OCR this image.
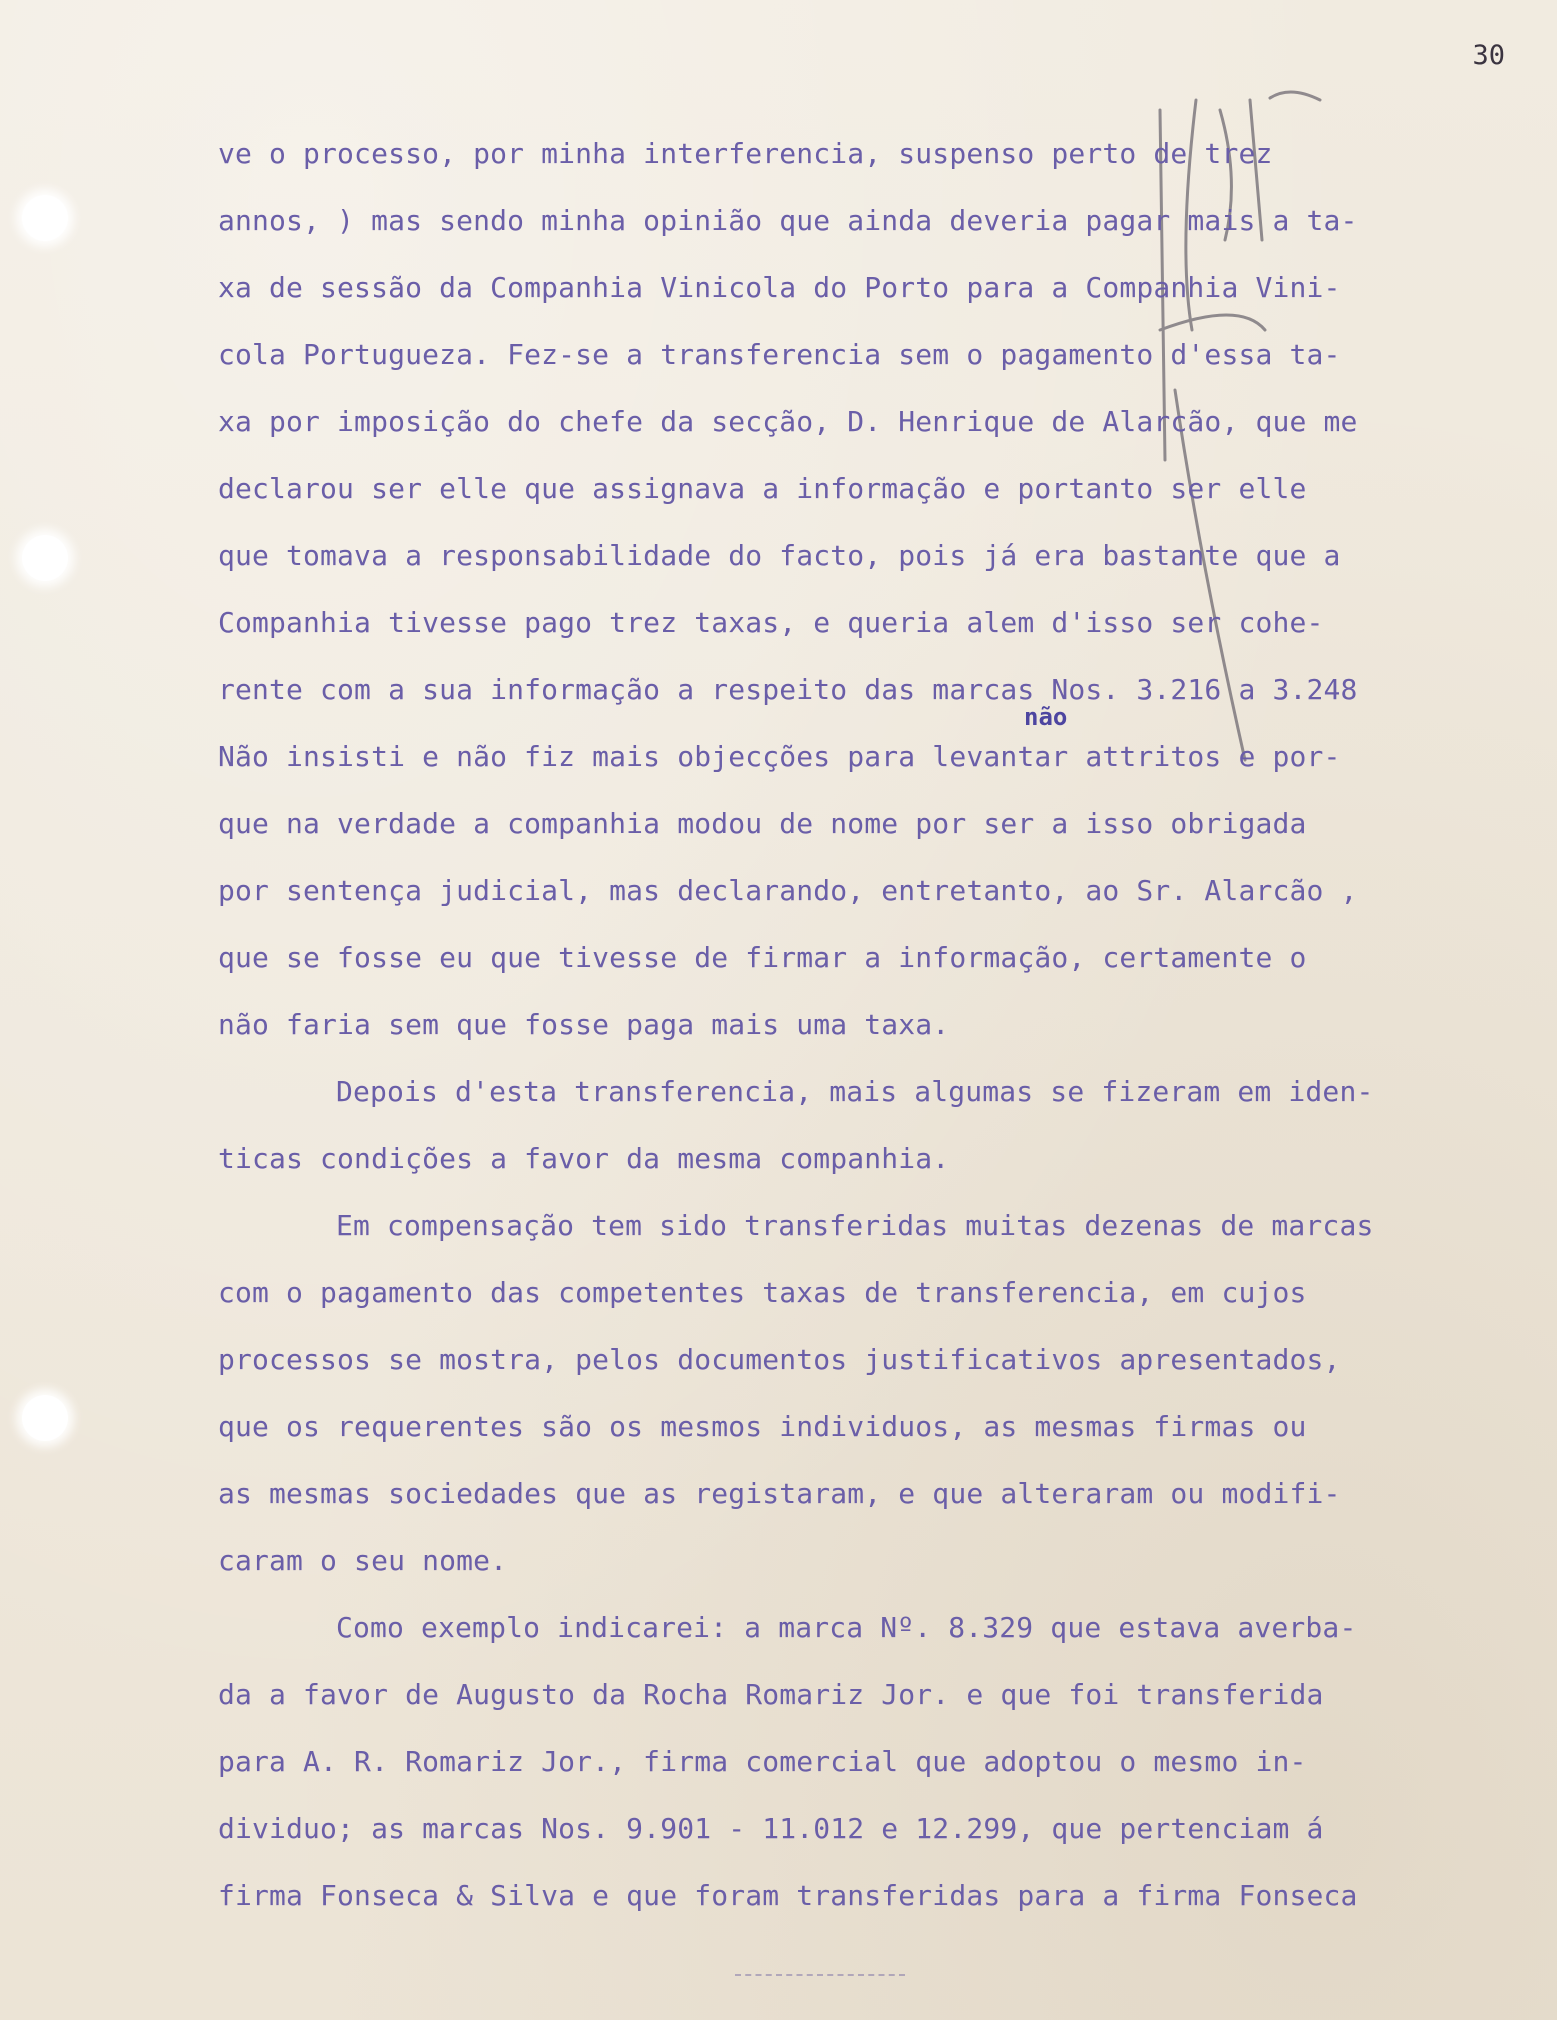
30
não
ve o processo, por minha interferencia, suspenso perto de trez
annos, ) mas sendo minha opinião que ainda deveria pagar mais a ta-
xa de sessão da Companhia Vinicola do Porto para a Companhia Vini-
cola Portugueza. Fez-se a transferencia sem o pagamento d'essa ta-
xa por imposição do chefe da secção, D. Henrique de Alarcão, que me
declarou ser elle que assignava a informação e portanto ser elle
que tomava a responsabilidade do facto, pois já era bastante que a
Companhia tivesse pago trez taxas, e queria alem d'isso ser cohe-
rente com a sua informação a respeito das marcas Nos. 3.216 a 3.248
Não insisti e não fiz mais objecções para levantar attritos e por-
que na verdade a companhia modou de nome por ser a isso obrigada
por sentença judicial, mas declarando, entretanto, ao Sr. Alarcão ,
que se fosse eu que tivesse de firmar a informação, certamente o
não faria sem que fosse paga mais uma taxa.
Depois d'esta transferencia, mais algumas se fizeram em iden-
ticas condições a favor da mesma companhia.
Em compensação tem sido transferidas muitas dezenas de marcas
com o pagamento das competentes taxas de transferencia, em cujos
processos se mostra, pelos documentos justificativos apresentados,
que os requerentes são os mesmos individuos, as mesmas firmas ou
as mesmas sociedades que as registaram, e que alteraram ou modifi-
caram o seu nome.
Como exemplo indicarei: a marca Nº. 8.329 que estava averba-
da a favor de Augusto da Rocha Romariz Jor. e que foi transferida
para A. R. Romariz Jor., firma comercial que adoptou o mesmo in-
dividuo; as marcas Nos. 9.901 - 11.012 e 12.299, que pertenciam á
firma Fonseca & Silva e que foram transferidas para a firma Fonseca
